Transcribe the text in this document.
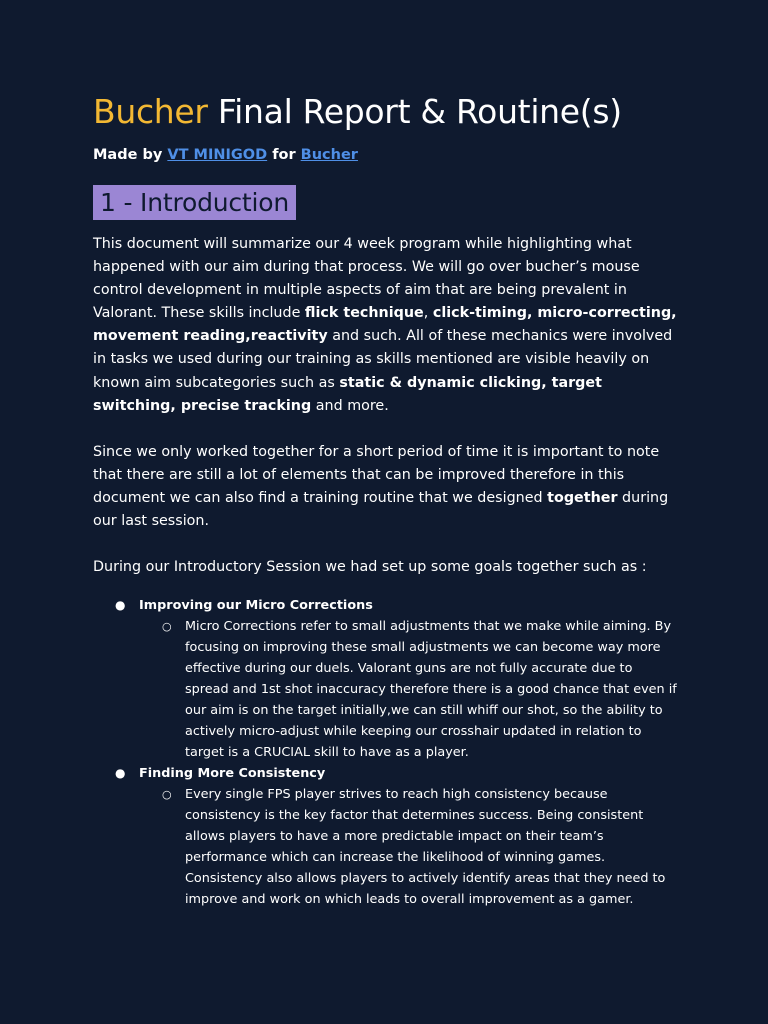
Bucher Final Report & Routine(s)
Made by VT MINIGOD for Bucher
1 - Introduction

This document will summarize our 4 week program while highlighting what happened with our aim during that process. We will go over bucher’s mouse control development in multiple aspects of aim that are being prevalent in Valorant. These skills include flick technique, click-timing, micro-correcting, movement reading,reactivity and such. All of these mechanics were involved in tasks we used during our training as skills mentioned are visible heavily on known aim subcategories such as static & dynamic clicking, target switching, precise tracking and more.

Since we only worked together for a short period of time it is important to note that there are still a lot of elements that can be improved therefore in this document we can also find a training routine that we designed together during our last session.

During our Introductory Session we had set up some goals together such as :

● Improving our Micro Corrections
○ Micro Corrections refer to small adjustments that we make while aiming. By focusing on improving these small adjustments we can become way more effective during our duels. Valorant guns are not fully accurate due to spread and 1st shot inaccuracy therefore there is a good chance that even if our aim is on the target initially,we can still whiff our shot, so the ability to actively micro-adjust while keeping our crosshair updated in relation to target is a CRUCIAL skill to have as a player.
● Finding More Consistency
○ Every single FPS player strives to reach high consistency because consistency is the key factor that determines success. Being consistent allows players to have a more predictable impact on their team’s performance which can increase the likelihood of winning games. Consistency also allows players to actively identify areas that they need to improve and work on which leads to overall improvement as a gamer.
